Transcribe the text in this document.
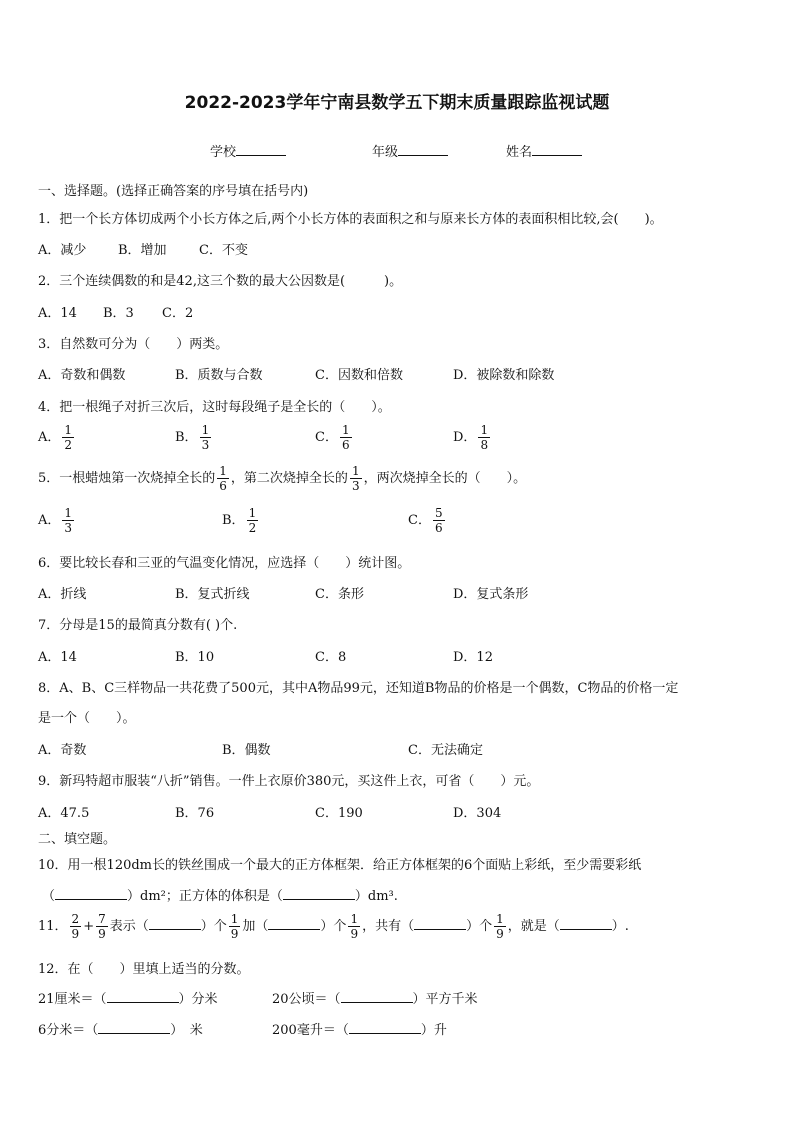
2022-2023学年宁南县数学五下期末质量跟踪监视试题
学校	年级	姓名
一、选择题。(选择正确答案的序号填在括号内)
1．把一个长方体切成两个小长方体之后,两个小长方体的表面积之和与原来长方体的表面积相比较,会(　　)。
A．减少 B．增加 C．不变
2．三个连续偶数的和是42,这三个数的最大公因数是(　　　)。
A．14 B．3 C．2
3．自然数可分为（　　）两类。
A．奇数和偶数	B．质数与合数	C．因数和倍数	D．被除数和除数
4．把一根绳子对折三次后，这时每段绳子是全长的（　　）。
A． $\frac{1}{2}$	B． $\frac{1}{3}$	C． $\frac{1}{6}$	D． $\frac{1}{8}$
5．一根蜡烛第一次烧掉全长的 $\frac{1}{6}$ ，第二次烧掉全长的 $\frac{1}{3}$ ，两次烧掉全长的（　　）。
A． $\frac{1}{3}$	B． $\frac{1}{2}$	C． $\frac{5}{6}$
6．要比较长春和三亚的气温变化情况，应选择（　　）统计图。
A．折线	B．复式折线	C．条形	D．复式条形
7．分母是15的最简真分数有( )个.
A．14	B．10	C．8	D．12
8．A、B、C三样物品一共花费了500元，其中A物品99元，还知道B物品的价格是一个偶数，C物品的价格一定
是一个（　　）。
A．奇数	B．偶数	C．无法确定
9．新玛特超市服装“八折”销售。一件上衣原价380元，买这件上衣，可省（　　）元。
A．47.5	B．76	C．190	D．304
二、填空题。
10．用一根120dm长的铁丝围成一个最大的正方体框架．给正方体框架的6个面贴上彩纸，至少需要彩纸
（	）dm²；正方体的体积是（	）dm³.
11． $\frac{2}{9} + \frac{7}{9}$ 表示（	）个 $\frac{1}{9}$ 加（	）个 $\frac{1}{9}$ ，共有（	）个 $\frac{1}{9}$ ，就是（	）.
12．在（　　）里填上适当的分数。
21厘米＝（	）分米	20公顷＝（	）平方千米
6分米＝（	）　米	200毫升＝（	）升
